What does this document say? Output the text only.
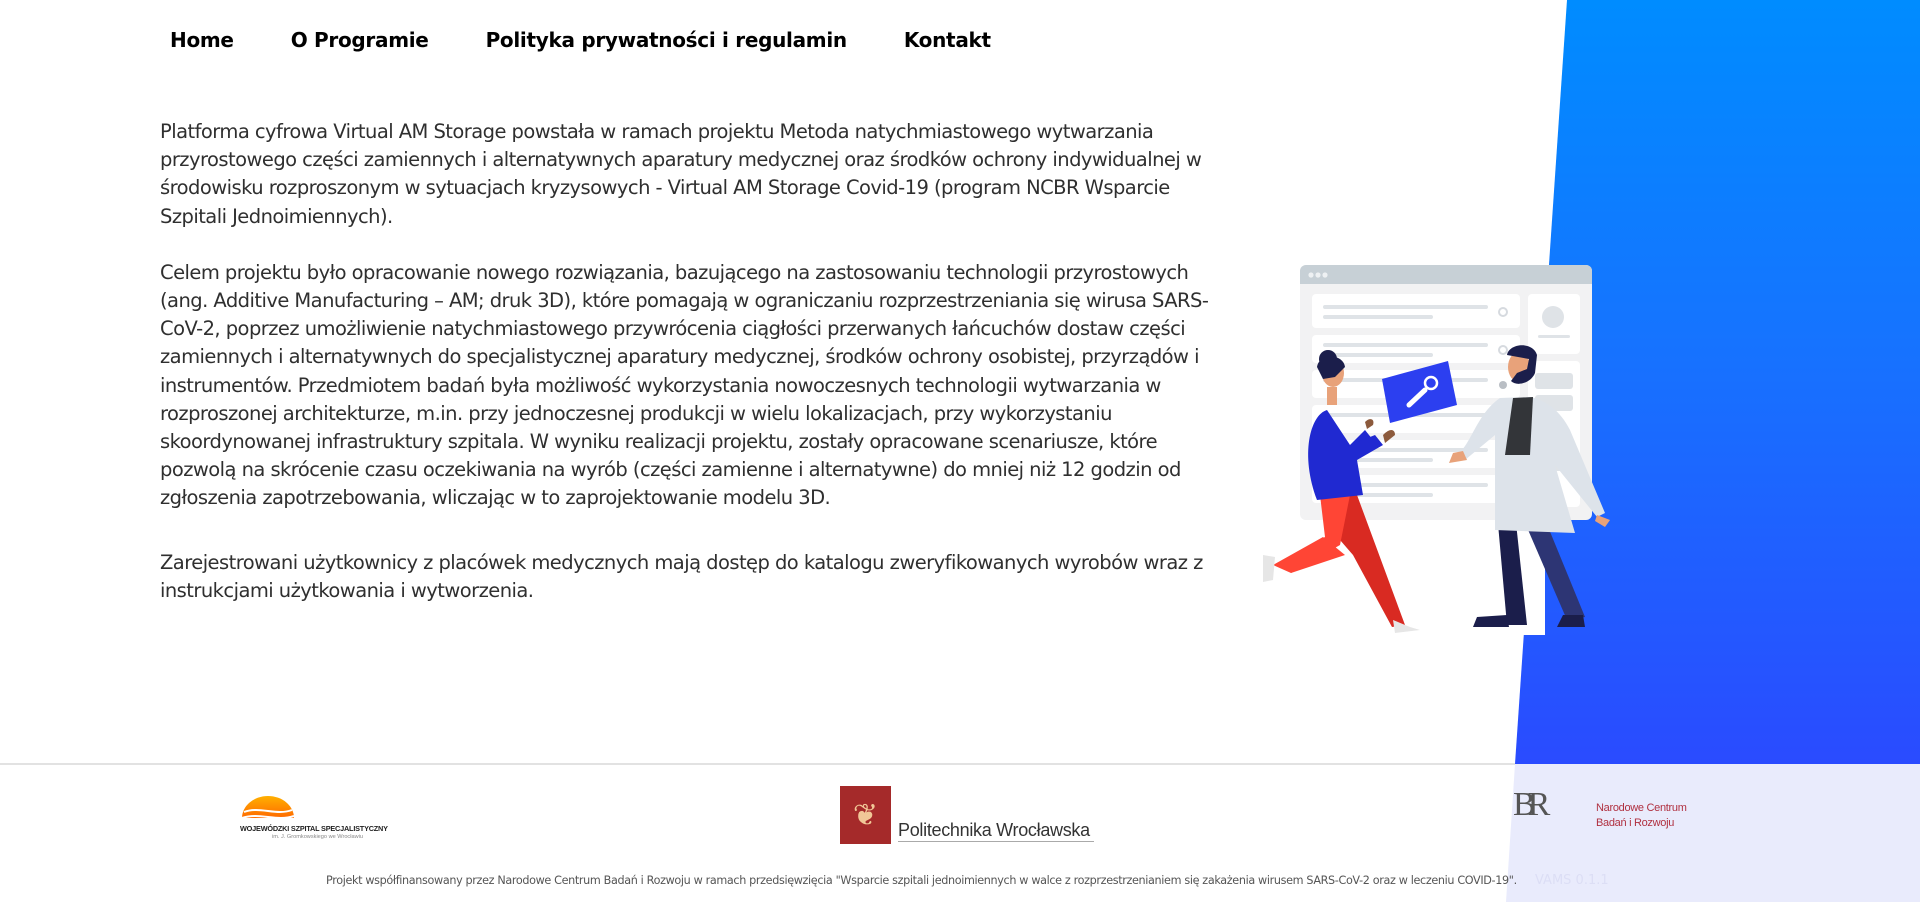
Home	O Programie	Polityka prywatności i regulamin	Kontakt

Platforma cyfrowa Virtual AM Storage powstała w ramach projektu Metoda natychmiastowego wytwarzania przyrostowego części zamiennych i alternatywnych aparatury medycznej oraz środków ochrony indywidualnej w środowisku rozproszonym w sytuacjach kryzysowych - Virtual AM Storage Covid-19 (program NCBR Wsparcie Szpitali Jednoimiennych).

Celem projektu było opracowanie nowego rozwiązania, bazującego na zastosowaniu technologii przyrostowych (ang. Additive Manufacturing – AM; druk 3D), które pomagają w ograniczaniu rozprzestrzeniania się wirusa SARS-CoV-2, poprzez umożliwienie natychmiastowego przywrócenia ciągłości przerwanych łańcuchów dostaw części zamiennych i alternatywnych do specjalistycznej aparatury medycznej, środków ochrony osobistej, przyrządów i instrumentów. Przedmiotem badań była możliwość wykorzystania nowoczesnych technologii wytwarzania w rozproszonej architekturze, m.in. przy jednoczesnej produkcji w wielu lokalizacjach, przy wykorzystaniu skoordynowanej infrastruktury szpitala. W wyniku realizacji projektu, zostały opracowane scenariusze, które pozwolą na skrócenie czasu oczekiwania na wyrób (części zamienne i alternatywne) do mniej niż 12 godzin od zgłoszenia zapotrzebowania, wliczając w to zaprojektowanie modelu 3D.

Zarejestrowani użytkownicy z placówek medycznych mają dostęp do katalogu zweryfikowanych wyrobów wraz z instrukcjami użytkowania i wytworzenia.

WOJEWÓDZKI SZPITAL SPECJALISTYCZNY
im. J. Gromkowskiego we Wrocławiu
❦	Politechnika Wrocławska
BR	Narodowe Centrum
Badań i Rozwoju
Projekt współfinansowany przez Narodowe Centrum Badań i Rozwoju w ramach przedsięwzięcia "Wsparcie szpitali jednoimiennych w walce z rozprzestrzenianiem się zakażenia wirusem SARS-CoV-2 oraz w leczeniu COVID-19". VAMS 0.1.1
